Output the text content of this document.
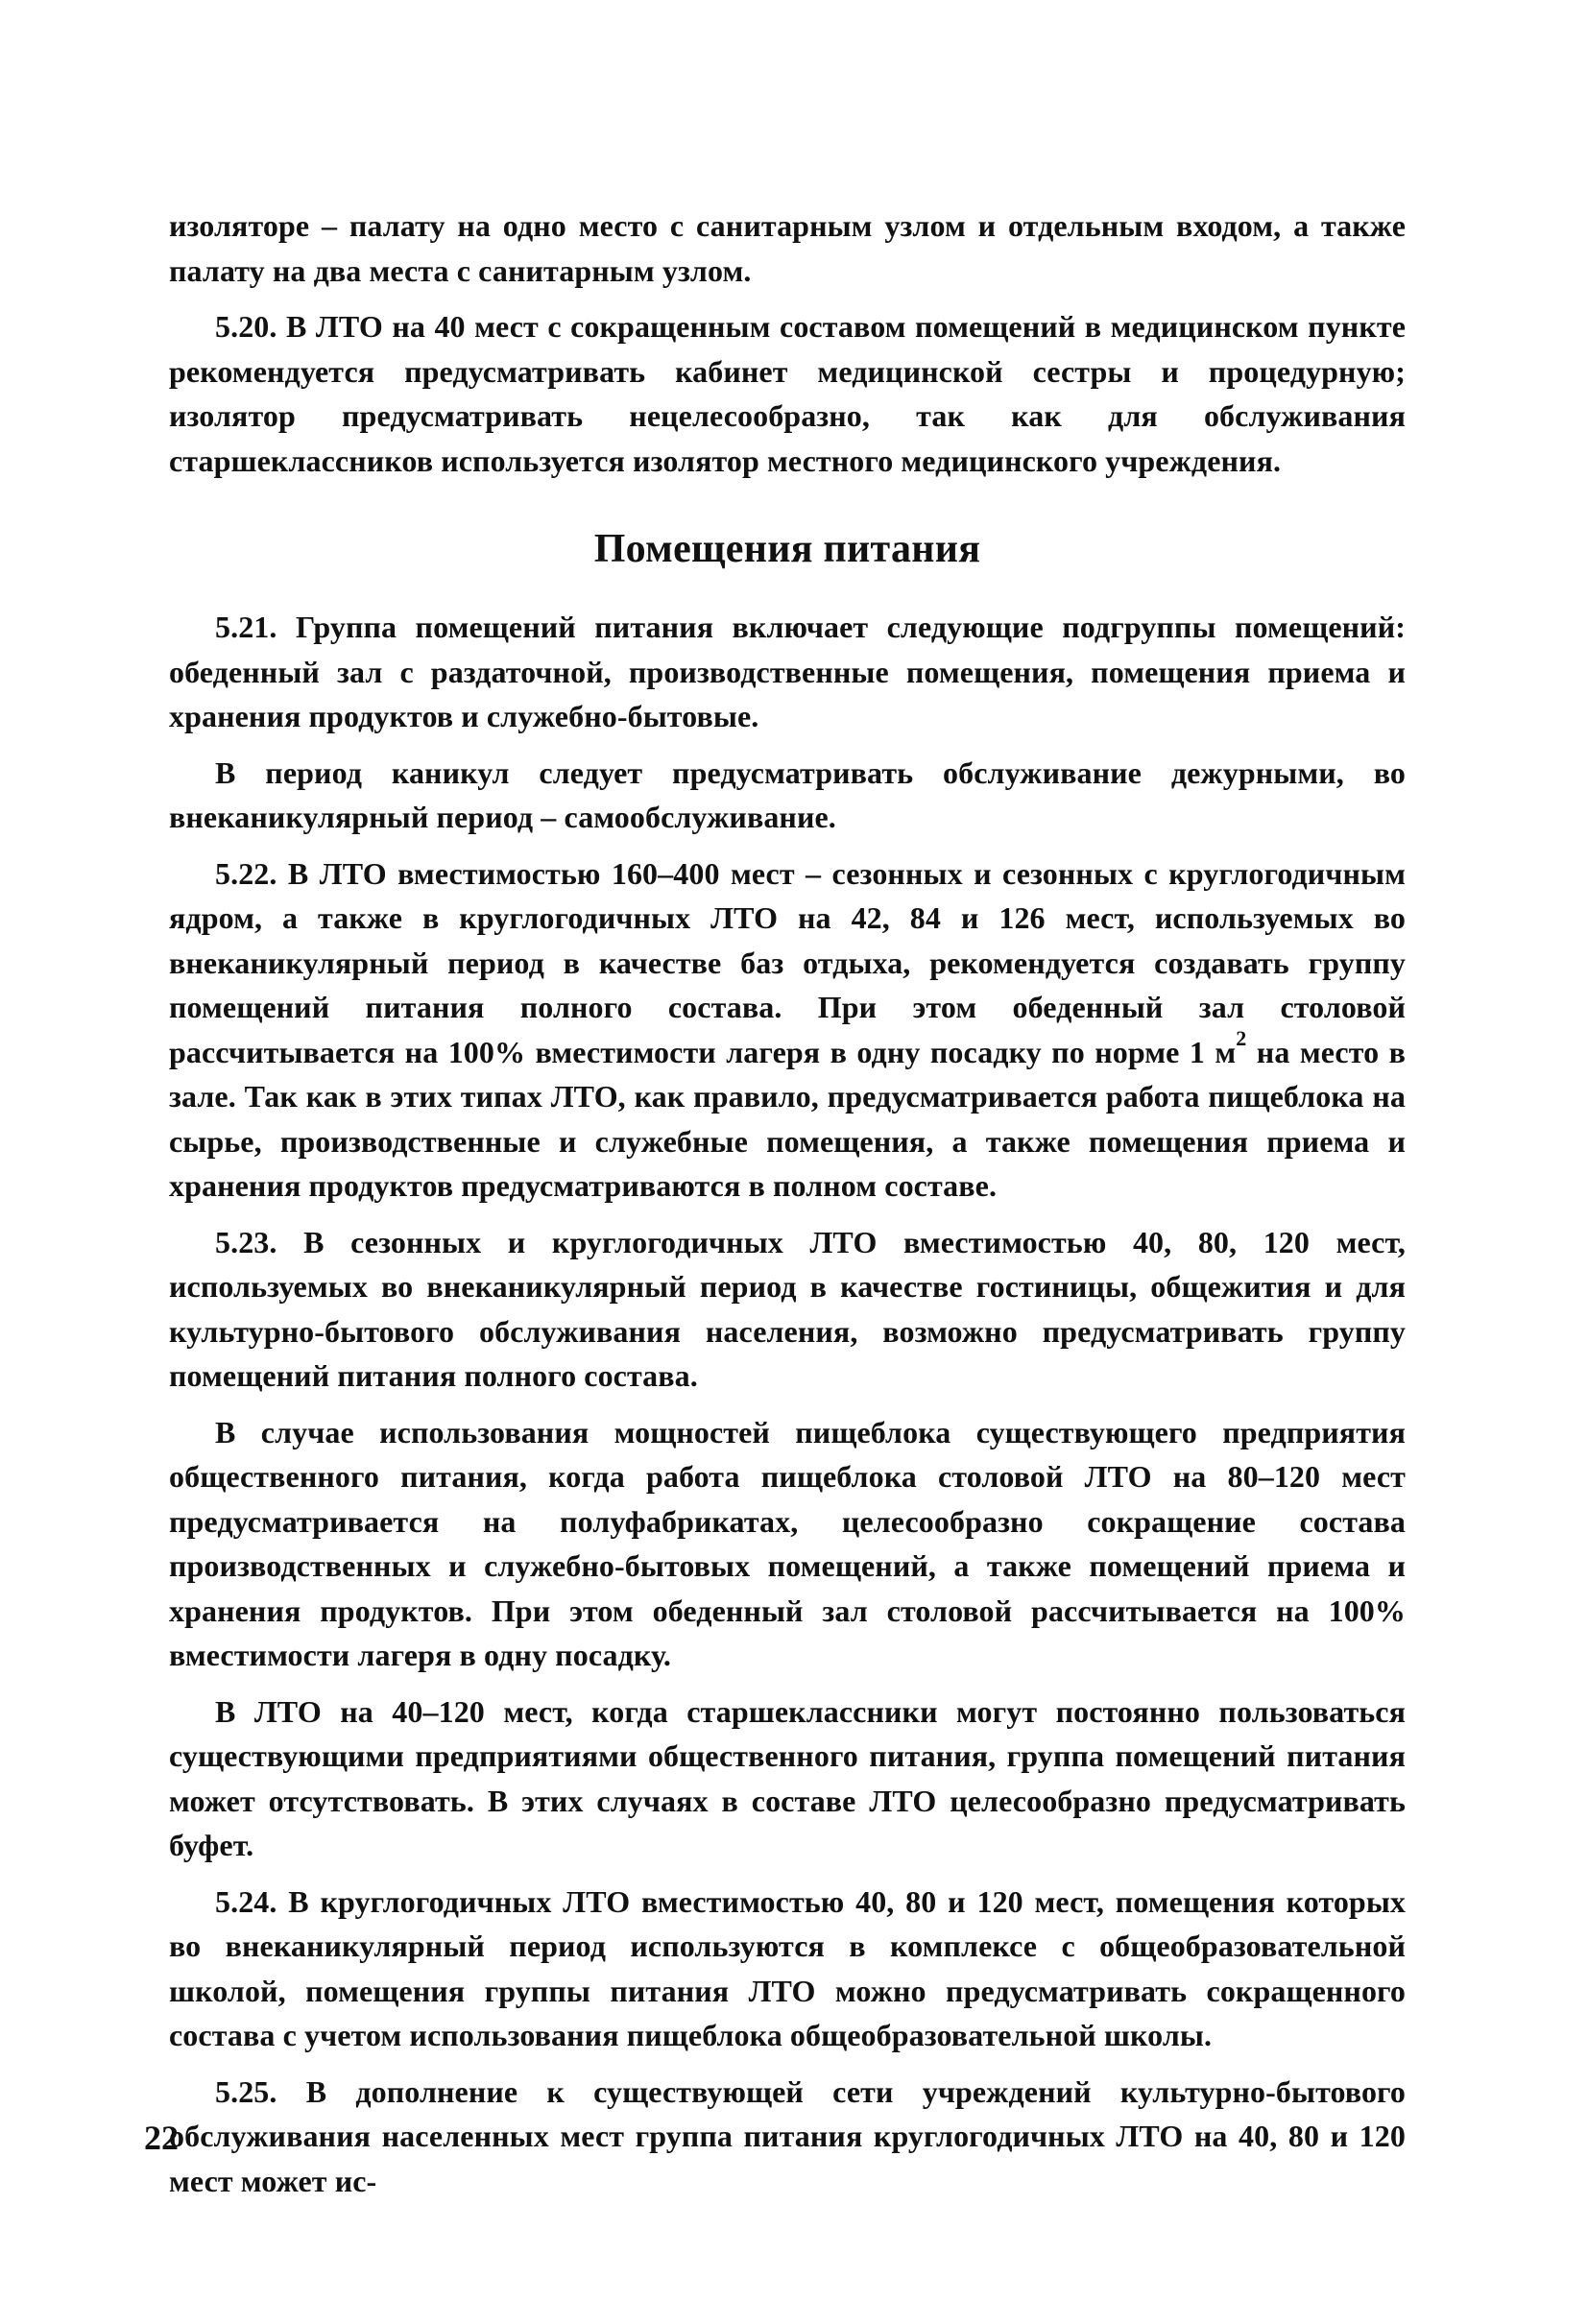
изоляторе – палату на одно место с санитарным узлом и отдельным входом, а также палату на два места с санитарным узлом.

5.20. В ЛТО на 40 мест с сокращенным составом помещений в медицинском пункте рекомендуется предусматривать кабинет медицинской сестры и процедурную; изолятор предусматривать нецелесообразно, так как для обслуживания старшеклассников используется изолятор местного медицинского учреждения.

Помещения питания

5.21. Группа помещений питания включает следующие подгруппы помещений: обеденный зал с раздаточной, производственные помещения, помещения приема и хранения продуктов и служебно-бытовые.

В период каникул следует предусматривать обслуживание дежурными, во внеканикулярный период – самообслуживание.

5.22. В ЛТО вместимостью 160–400 мест – сезонных и сезонных с круглогодичным ядром, а также в круглогодичных ЛТО на 42, 84 и 126 мест, используемых во внеканикулярный период в качестве баз отдыха, рекомендуется создавать группу помещений питания полного состава. При этом обеденный зал столовой рассчитывается на 100% вместимости лагеря в одну посадку по норме 1 $м^2$ на место в зале. Так как в этих типах ЛТО, как правило, предусматривается работа пищеблока на сырье, производственные и служебные помещения, а также помещения приема и хранения продуктов предусматриваются в полном составе.

5.23. В сезонных и круглогодичных ЛТО вместимостью 40, 80, 120 мест, используемых во внеканикулярный период в качестве гостиницы, общежития и для культурно-бытового обслуживания населения, возможно предусматривать группу помещений питания полного состава.

В случае использования мощностей пищеблока существующего предприятия общественного питания, когда работа пищеблока столовой ЛТО на 80–120 мест предусматривается на полуфабрикатах, целесообразно сокращение состава производственных и служебно-бытовых помещений, а также помещений приема и хранения продуктов. При этом обеденный зал столовой рассчитывается на 100% вместимости лагеря в одну посадку.

В ЛТО на 40–120 мест, когда старшеклассники могут постоянно пользоваться существующими предприятиями общественного питания, группа помещений питания может отсутствовать. В этих случаях в составе ЛТО целесообразно предусматривать буфет.

5.24. В круглогодичных ЛТО вместимостью 40, 80 и 120 мест, помещения которых во внеканикулярный период используются в комплексе с общеобразовательной школой, помещения группы питания ЛТО можно предусматривать сокращенного состава с учетом использования пищеблока общеобразовательной школы.

5.25. В дополнение к существующей сети учреждений культурно-бытового обслуживания населенных мест группа питания круглогодичных ЛТО на 40, 80 и 120 мест может ис-

22
